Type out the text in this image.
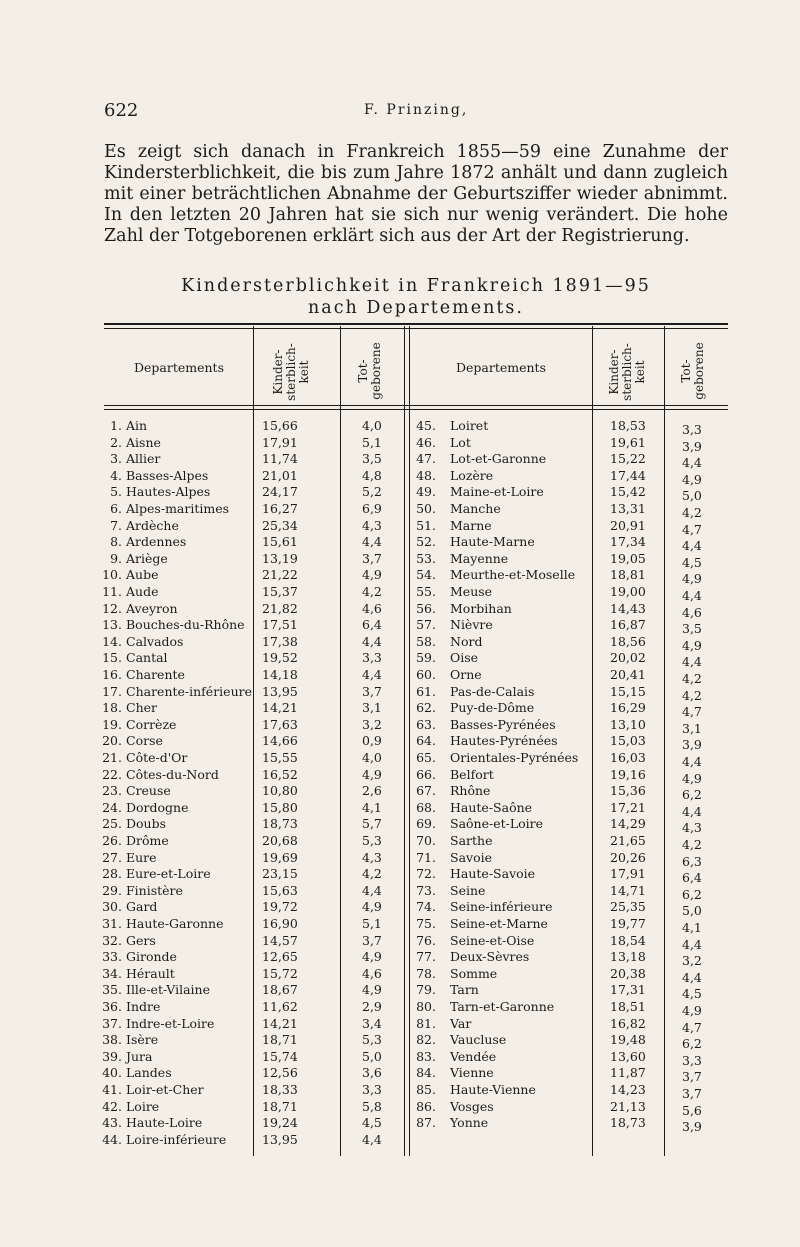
622	F. Prinzing,
Es zeigt sich danach in Frankreich 1855—59 eine Zunahme der Kindersterblichkeit, die bis zum Jahre 1872 anhält und dann zugleich mit einer beträchtlichen Abnahme der Geburtsziffer wieder abnimmt. In den letzten 20 Jahren hat sie sich nur wenig verändert. Die hohe Zahl der Totgeborenen erklärt sich aus der Art der Registrierung.
Kindersterblichkeit in Frankreich 1891—95
nach Departements.
Departements	Kinder-
sterblich-
keit	Tot-
geborene	Departements	Kinder-
sterblich-
keit	Tot-
geborene
1. Ain	15,66	4,0
2. Aisne	17,91	5,1
3. Allier	11,74	3,5
4. Basses-Alpes	21,01	4,8
5. Hautes-Alpes	24,17	5,2
6. Alpes-maritimes	16,27	6,9
7. Ardèche	25,34	4,3
8. Ardennes	15,61	4,4
9. Ariège	13,19	3,7
10. Aube	21,22	4,9
11. Aude	15,37	4,2
12. Aveyron	21,82	4,6
13. Bouches-du-Rhône 17,51	6,4
14. Calvados	17,38	4,4
15. Cantal	19,52	3,3
16. Charente	14,18	4,4
17. Charente-inférieure 13,95	3,7
18. Cher	14,21	3,1
19. Corrèze	17,63	3,2
20. Corse	14,66	0,9
21. Côte-d'Or	15,55	4,0
22. Côtes-du-Nord	16,52	4,9
23. Creuse	10,80	2,6
24. Dordogne	15,80	4,1
25. Doubs	18,73	5,7
26. Drôme	20,68	5,3
27. Eure	19,69	4,3
28. Eure-et-Loire	23,15	4,2
29. Finistère	15,63	4,4
30. Gard	19,72	4,9
31. Haute-Garonne	16,90	5,1
32. Gers	14,57	3,7
33. Gironde	12,65	4,9
34. Hérault	15,72	4,6
35. Ille-et-Vilaine	18,67	4,9
36. Indre	11,62	2,9
37. Indre-et-Loire	14,21	3,4
38. Isère	18,71	5,3
39. Jura	15,74	5,0
40. Landes	12,56	3,6
41. Loir-et-Cher	18,33	3,3
42. Loire	18,71	5,8
43. Haute-Loire	19,24	4,5
44. Loire-inférieure	13,95	4,4
45. Loiret	18,53	3,3
46. Lot	19,61	3,9
47. Lot-et-Garonne	15,22	4,4
48. Lozère	17,44	4,9
49. Maine-et-Loire	15,42	5,0
50. Manche	13,31	4,2
51. Marne	20,91	4,7
52. Haute-Marne	17,34	4,4
53. Mayenne	19,05	4,5
54. Meurthe-et-Moselle	18,81	4,9
55. Meuse	19,00	4,4
56. Morbihan	14,43	4,6
57. Nièvre	16,87	3,5
58. Nord	18,56	4,9
59. Oise	20,02	4,4
60. Orne	20,41	4,2
61. Pas-de-Calais	15,15	4,2
62. Puy-de-Dôme	16,29	4,7
63. Basses-Pyrénées	13,10	3,1
64. Hautes-Pyrénées	15,03	3,9
65. Orientales-Pyrénées	16,03	4,4
66. Belfort	19,16	4,9
67. Rhône	15,36	6,2
68. Haute-Saône	17,21	4,4
69. Saône-et-Loire	14,29	4,3
70. Sarthe	21,65	4,2
71. Savoie	20,26	6,3
72. Haute-Savoie	17,91	6,4
73. Seine	14,71	6,2
74. Seine-inférieure	25,35	5,0
75. Seine-et-Marne	19,77	4,1
76. Seine-et-Oise	18,54	4,4
77. Deux-Sèvres	13,18	3,2
78. Somme	20,38	4,4
79. Tarn	17,31	4,5
80. Tarn-et-Garonne	18,51	4,9
81. Var	16,82	4,7
82. Vaucluse	19,48	6,2
83. Vendée	13,60	3,3
84. Vienne	11,87	3,7
85. Haute-Vienne	14,23	3,7
86. Vosges	21,13	5,6
87. Yonne	18,73	3,9
